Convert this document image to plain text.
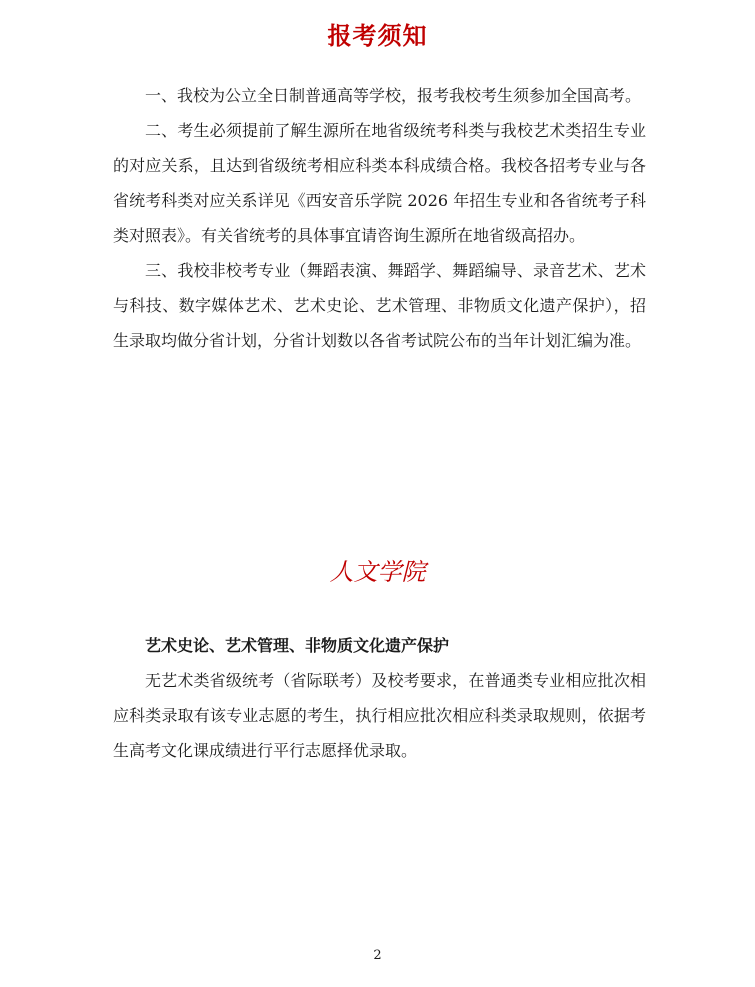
报考须知

一、我校为公立全日制普通高等学校，报考我校考生须参加全国高考。

二、考生必须提前了解生源所在地省级统考科类与我校艺术类招生专业的对应关系，且达到省级统考相应科类本科成绩合格。我校各招考专业与各省统考科类对应关系详见《西安音乐学院 2026 年招生专业和各省统考子科类对照表》。有关省统考的具体事宜请咨询生源所在地省级高招办。

三、我校非校考专业（舞蹈表演、舞蹈学、舞蹈编导、录音艺术、艺术与科技、数字媒体艺术、艺术史论、艺术管理、非物质文化遗产保护），招生录取均做分省计划，分省计划数以各省考试院公布的当年计划汇编为准。

人文学院

艺术史论、艺术管理、非物质文化遗产保护

无艺术类省级统考（省际联考）及校考要求，在普通类专业相应批次相应科类录取有该专业志愿的考生，执行相应批次相应科类录取规则，依据考生高考文化课成绩进行平行志愿择优录取。

2
